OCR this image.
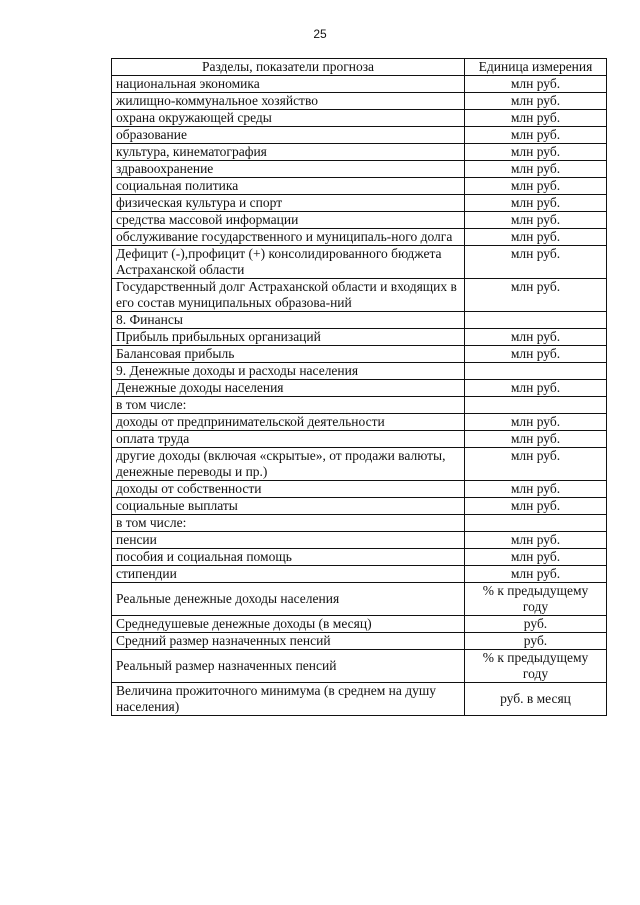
25
Разделы, показатели прогноза	Единица измерения
национальная экономика	млн руб.
жилищно-коммунальное хозяйство	млн руб.
охрана окружающей среды	млн руб.
образование	млн руб.
культура, кинематография	млн руб.
здравоохранение	млн руб.
социальная политика	млн руб.
физическая культура и спорт	млн руб.
средства массовой информации	млн руб.
обслуживание государственного и муниципаль-ного долга	млн руб.
Дефицит (-),профицит (+) консолидированного бюджета Астраханской области	млн руб.
Государственный долг Астраханской области и входящих в его состав муниципальных образова-ний	млн руб.
8. Финансы	
Прибыль прибыльных организаций	млн руб.
Балансовая прибыль	млн руб.
9. Денежные доходы и расходы населения	
Денежные доходы населения	млн руб.
в том числе:	
доходы от предпринимательской деятельности	млн руб.
оплата труда	млн руб.
другие доходы (включая «скрытые», от продажи валюты, денежные переводы и пр.)	млн руб.
доходы от собственности	млн руб.
социальные выплаты	млн руб.
в том числе:	
пенсии	млн руб.
пособия и социальная помощь	млн руб.
стипендии	млн руб.
Реальные денежные доходы населения	% к предыдущему году
Среднедушевые денежные доходы (в месяц)	руб.
Средний размер назначенных пенсий	руб.
Реальный размер назначенных пенсий	% к предыдущему году
Величина прожиточного минимума (в среднем на душу населения)	руб. в месяц
